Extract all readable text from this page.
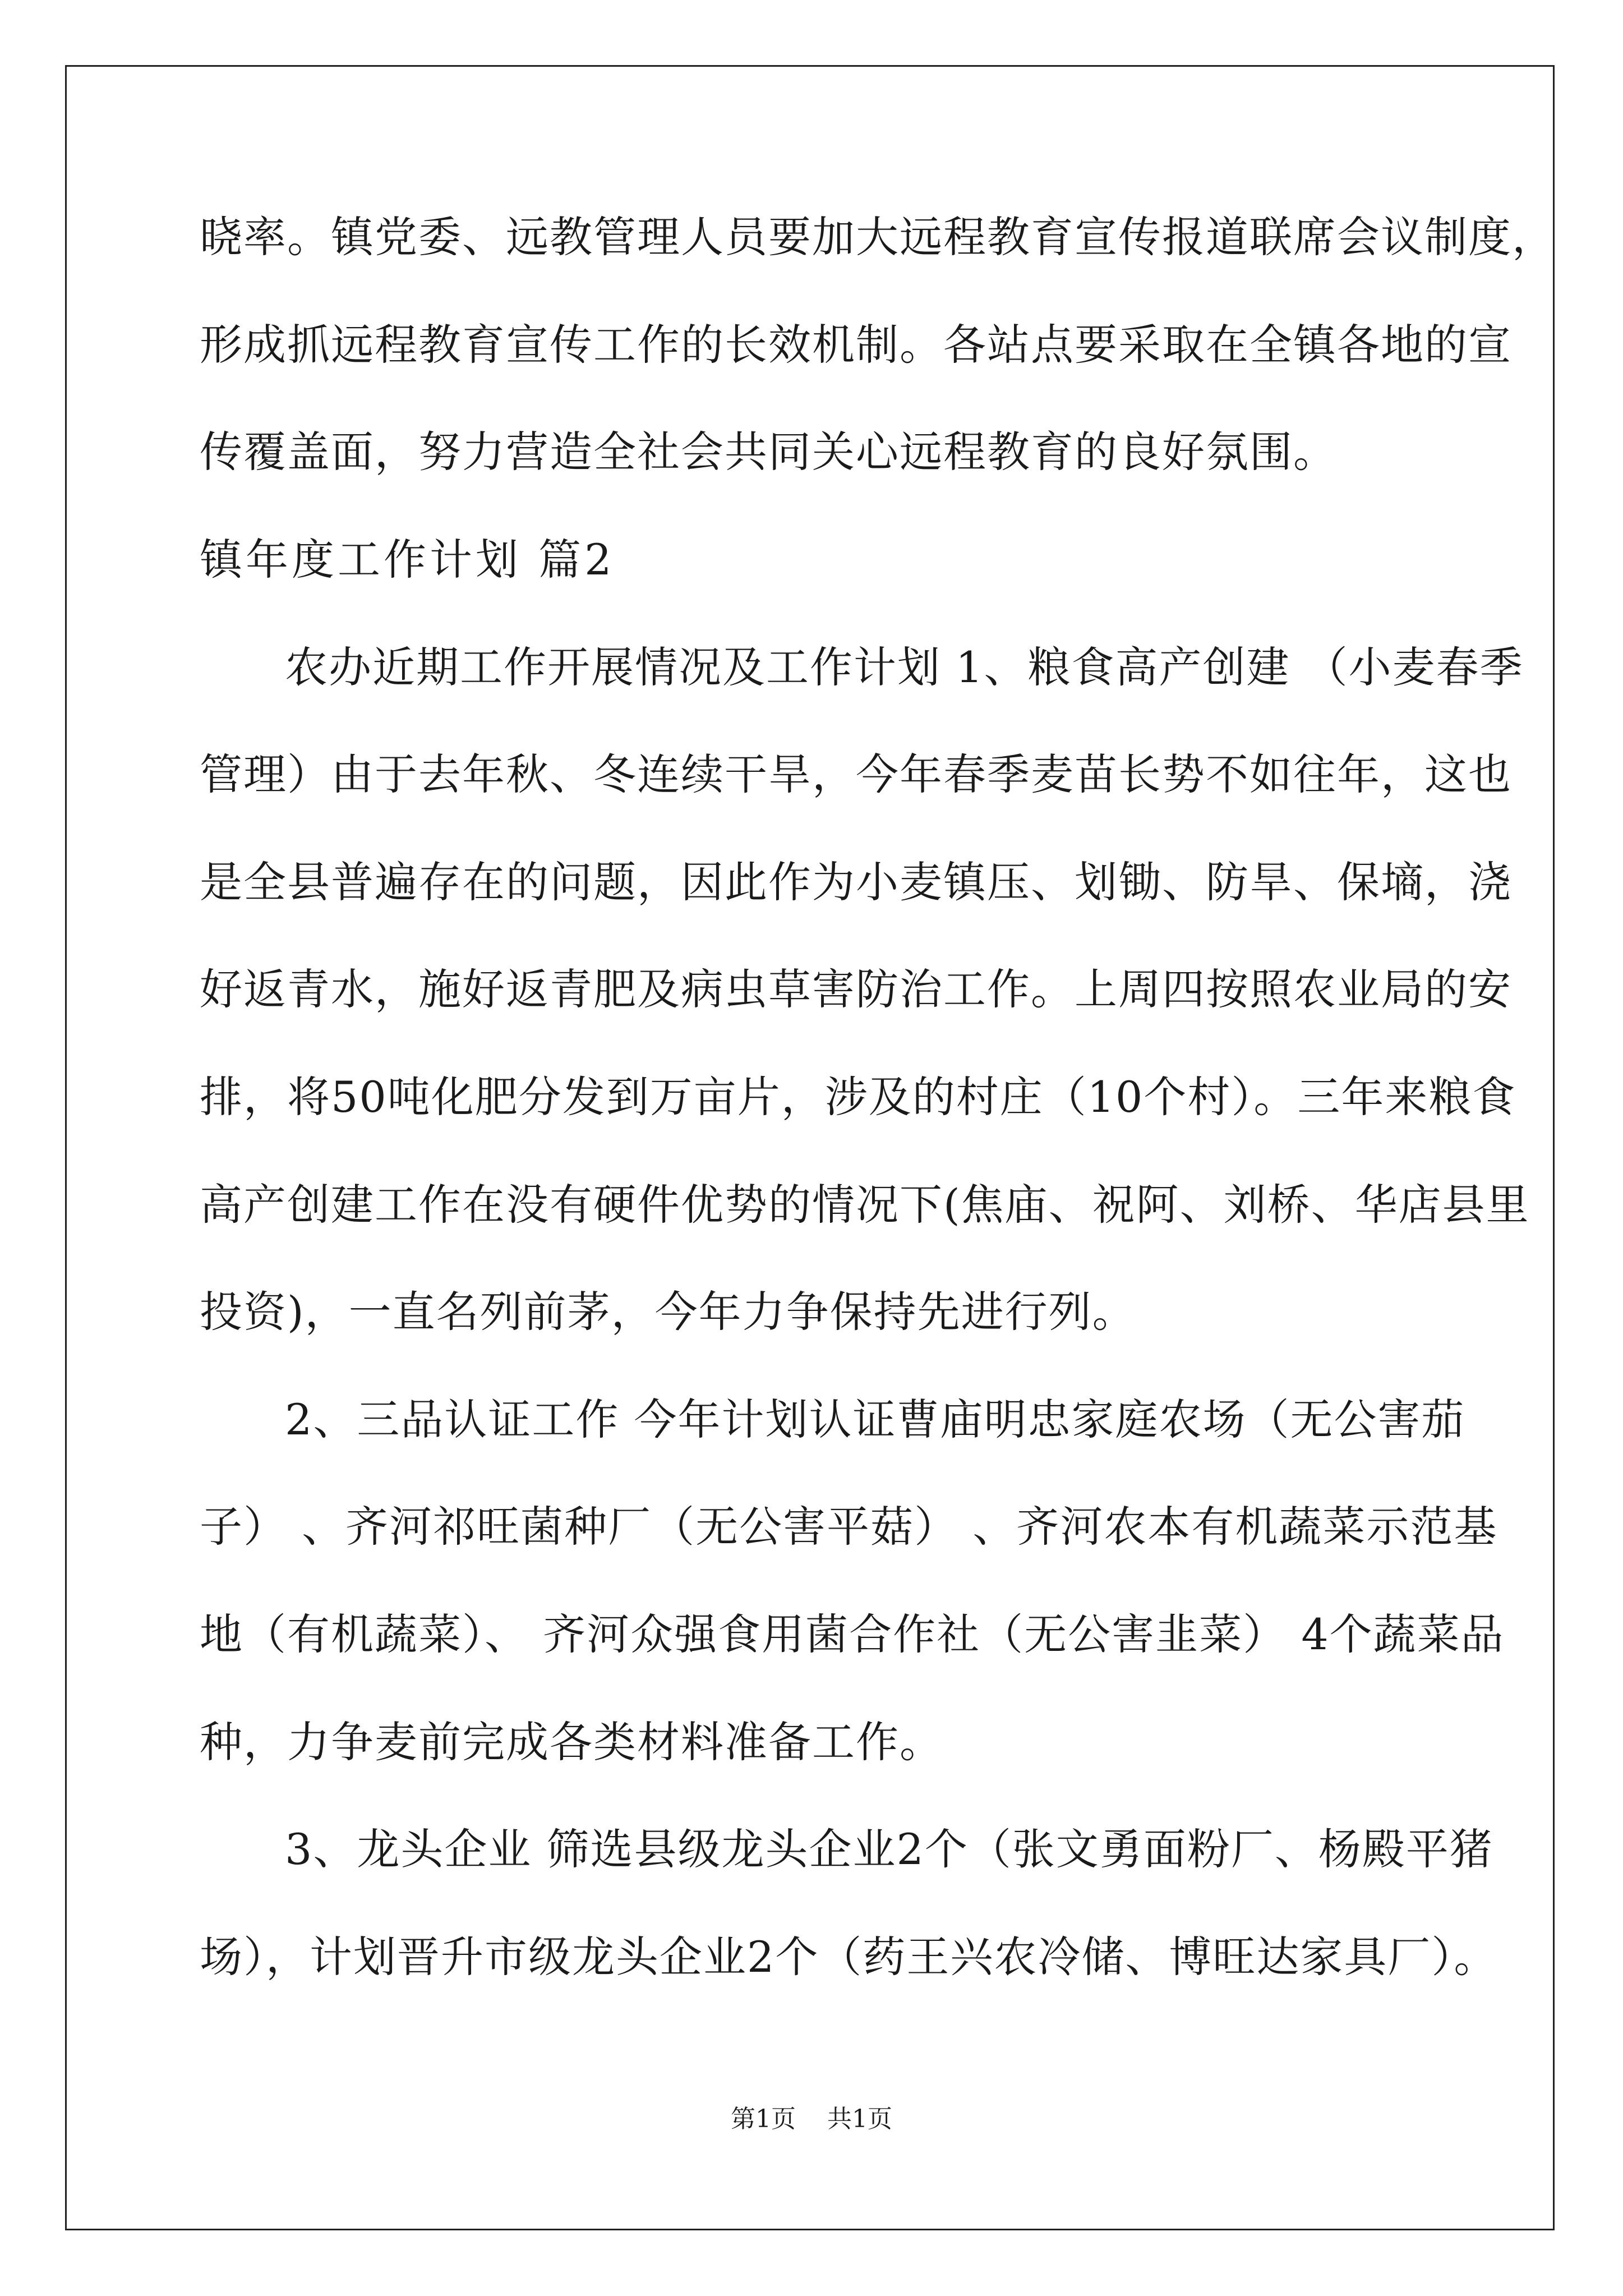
晓率。镇党委、远教管理人员要加大远程教育宣传报道联席会议制度，
形成抓远程教育宣传工作的长效机制。各站点要采取在全镇各地的宣
传覆盖面，努力营造全社会共同关心远程教育的良好氛围。
镇年度工作计划 篇2
农办近期工作开展情况及工作计划 1、粮食高产创建 （小麦春季
管理）由于去年秋、冬连续干旱，今年春季麦苗长势不如往年，这也
是全县普遍存在的问题，因此作为小麦镇压、划锄、防旱、保墒，浇
好返青水，施好返青肥及病虫草害防治工作。上周四按照农业局的安
排，将50吨化肥分发到万亩片，涉及的村庄（10个村）。三年来粮食
高产创建工作在没有硬件优势的情况下(焦庙、祝阿、刘桥、华店县里
投资)，一直名列前茅，今年力争保持先进行列。
2、三品认证工作 今年计划认证曹庙明忠家庭农场（无公害茄
子） 、齐河祁旺菌种厂（无公害平菇） 、齐河农本有机蔬菜示范基
地（有机蔬菜）、 齐河众强食用菌合作社（无公害韭菜） 4个蔬菜品
种，力争麦前完成各类材料准备工作。
3、龙头企业 筛选县级龙头企业2个（张文勇面粉厂、杨殿平猪
场），计划晋升市级龙头企业2个（药王兴农冷储、博旺达家具厂）。
第1页 共1页
